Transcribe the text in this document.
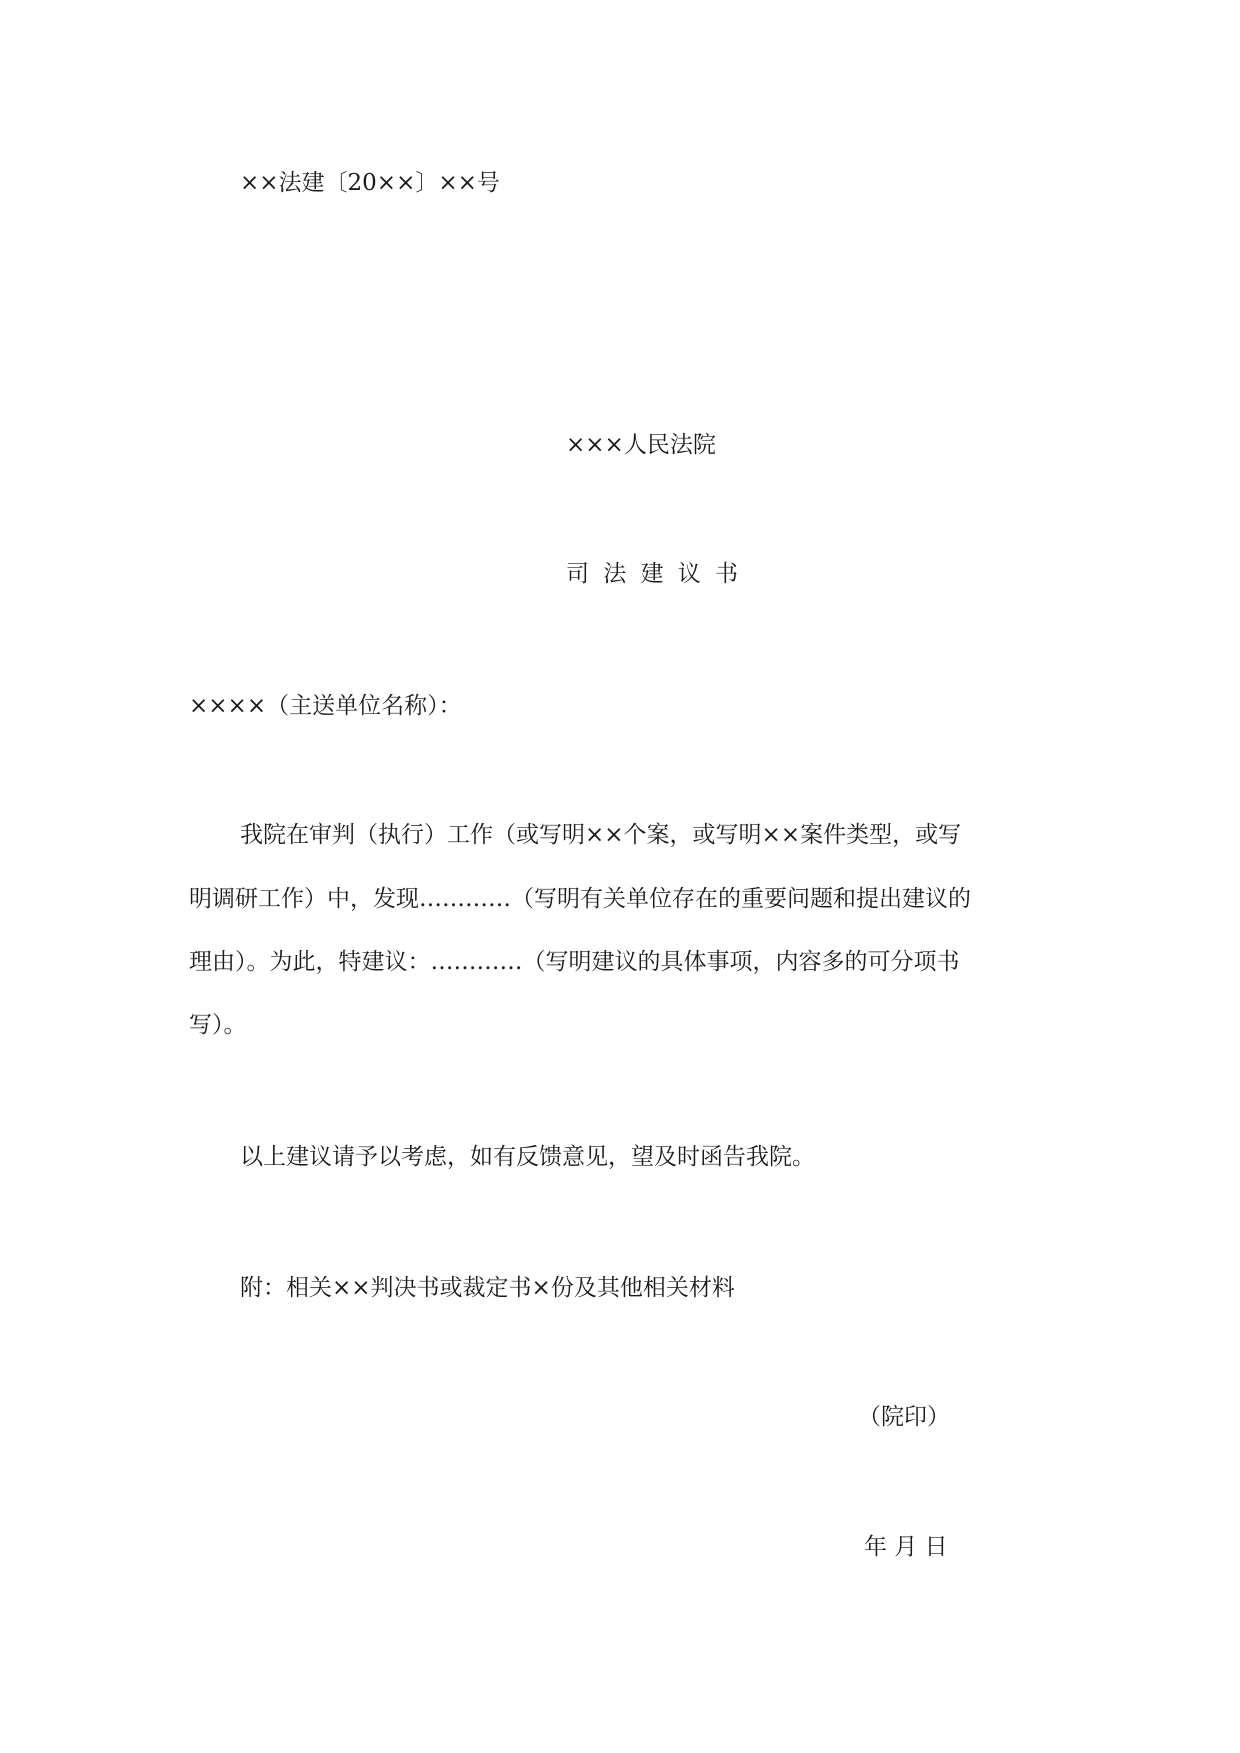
××法建〔20××〕××号
×××人民法院
司法建议书
××××（主送单位名称）：
我院在审判（执行）工作（或写明××个案，或写明××案件类型，或写
明调研工作）中，发现…………（写明有关单位存在的重要问题和提出建议的
理由）。为此，特建议：…………（写明建议的具体事项，内容多的可分项书
写）。
以上建议请予以考虑，如有反馈意见，望及时函告我院。
附：相关××判决书或裁定书×份及其他相关材料
（院印）
年 月 日
